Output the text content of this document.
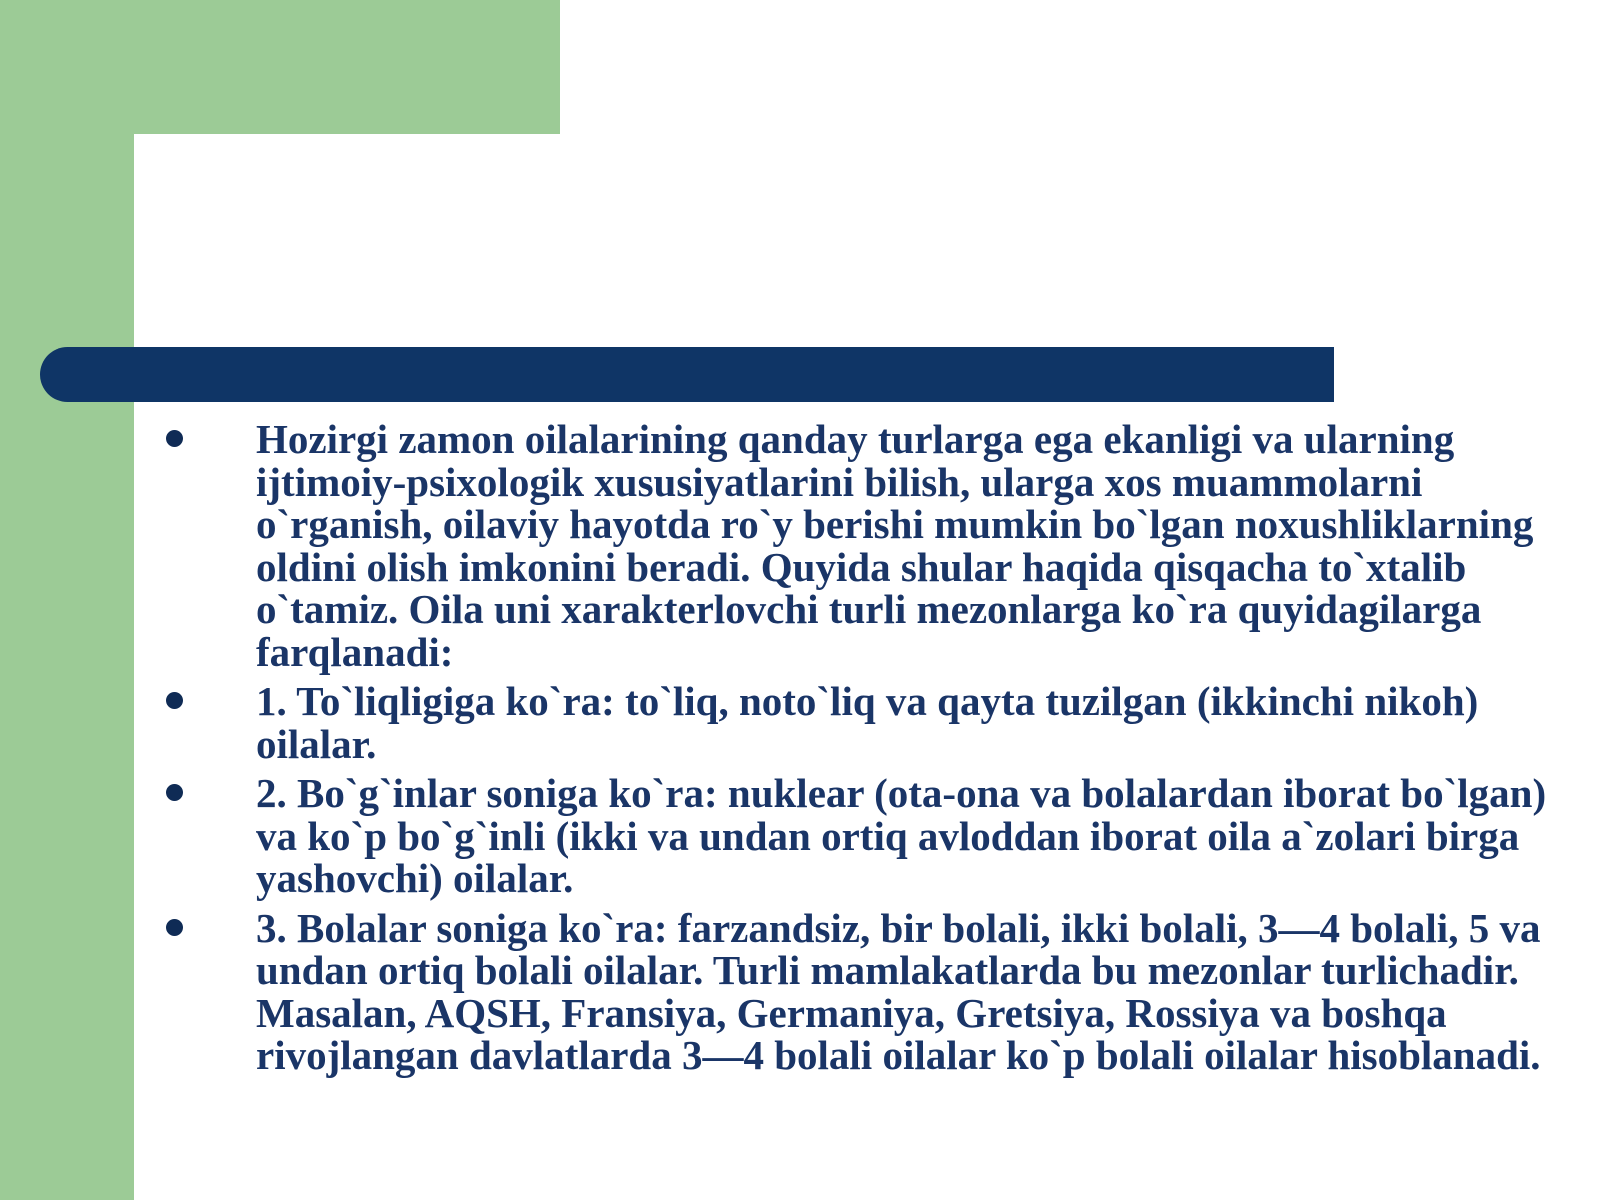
Hozirgi zamon oilalarining qanday turlarga ega ekanligi va ularning ijtimoiy-psixologik xususiyatlarini bilish, ularga xos muammolarni o`rganish, oilaviy hayotda ro`y berishi mumkin bo`lgan noxushliklarning oldini olish imkonini beradi. Quyida shular haqida qisqacha to`xtalib o`tamiz. Oila uni xarakterlovchi turli mezonlarga ko`ra quyidagilarga farqlanadi:
1. To`liqligiga ko`ra: to`liq, noto`liq va qayta tuzilgan (ikkinchi nikoh) oilalar.
2. Bo`g`inlar soniga ko`ra: nuklear (ota-ona va bolalardan iborat bo`lgan) va ko`p bo`g`inli (ikki va undan ortiq avloddan iborat oila a`zolari birga yashovchi) oilalar.
3. Bolalar soniga ko`ra: farzandsiz, bir bolali, ikki bolali, 3—4 bolali, 5 va undan ortiq bolali oilalar. Turli mamlakatlarda bu mezonlar turlichadir. Masalan, AQSH, Fransiya, Germaniya, Gretsiya, Rossiya va boshqa rivojlangan davlatlarda 3—4 bolali oilalar ko`p bolali oilalar hisoblanadi.
